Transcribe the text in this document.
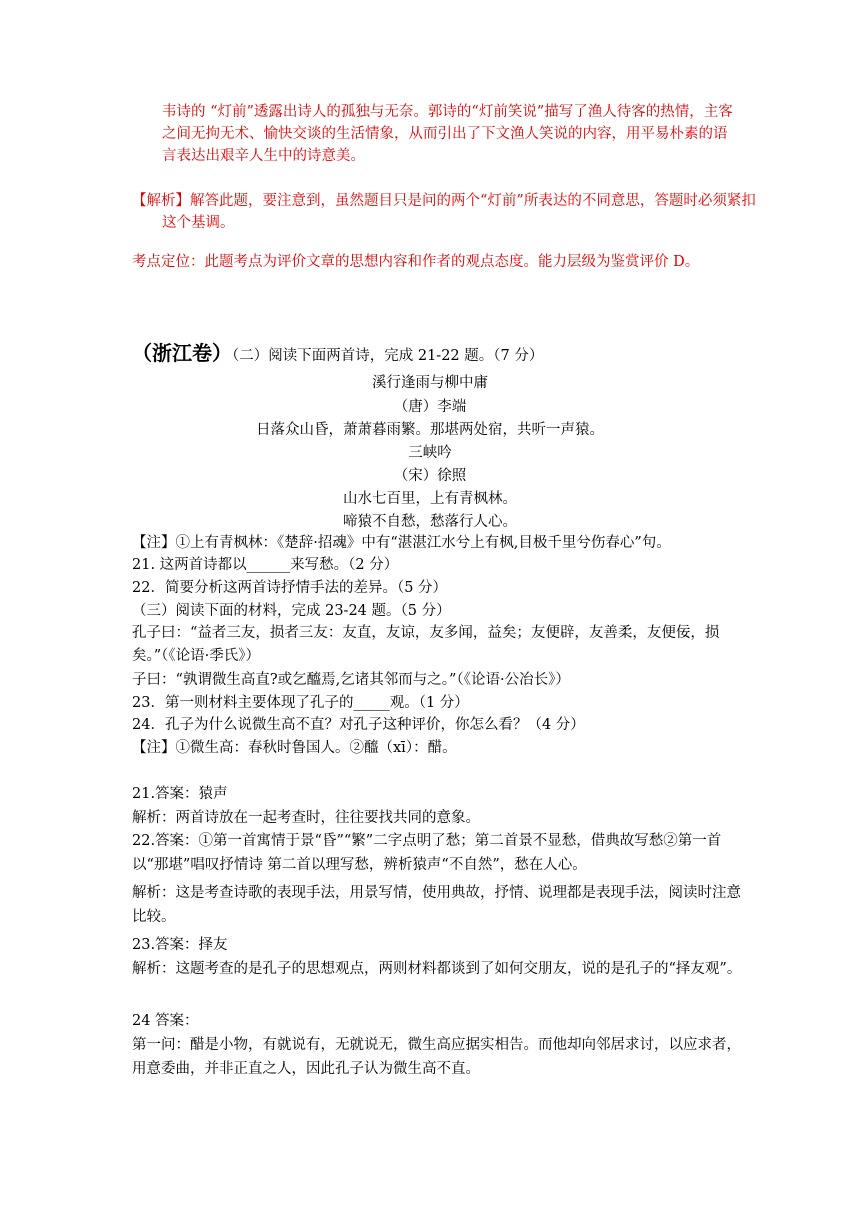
韦诗的 “灯前”透露出诗人的孤独与无奈。郭诗的“灯前笑说”描写了渔人待客的热情，主客之间无拘无术、愉快交谈的生活情象，从而引出了下文渔人笑说的内容，用平易朴素的语言表达出艰辛人生中的诗意美。

【解析】解答此题，要注意到，虽然题目只是问的两个“灯前”所表达的不同意思，答题时必须紧扣这个基调。

考点定位：此题考点为评价文章的思想内容和作者的观点态度。能力层级为鉴赏评价 D。
（浙江卷）（二）阅读下面两首诗，完成 21-22 题。（7 分）
溪行逢雨与柳中庸
（唐）李端
日落众山昏，萧萧暮雨繁。那堪两处宿，共听一声猿。
三峡吟
（宋）徐照
山水七百里，上有青枫林。
啼猿不自愁，愁落行人心。
【注】①上有青枫林：《楚辞·招魂》中有“湛湛江水兮上有枫,目极千里兮伤春心”句。
21. 这两首诗都以______来写愁。（2 分）
22．简要分析这两首诗抒情手法的差异。（5 分）
（三）阅读下面的材料，完成 23-24 题。（5 分）

孔子曰：“益者三友，损者三友：友直，友谅，友多闻，益矣；友便辟，友善柔，友便佞，损矣。”（《论语·季氏》）

子曰：“孰谓微生高直?或乞醯焉,乞诸其邻而与之。”（《论语·公冶长》）
23．第一则材料主要体现了孔子的_____观。（1 分）
24．孔子为什么说微生高不直？对孔子这种评价，你怎么看？（4 分）
【注】①微生高：春秋时鲁国人。②醯（xī）：醋。
21.答案：猿声
解析：两首诗放在一起考查时，往往要找共同的意象。

22.答案：①第一首寓情于景“昏”“繁”二字点明了愁；第二首景不显愁，借典故写愁②第一首以“那堪”唱叹抒情诗 第二首以理写愁，辨析猿声“不自然”，愁在人心。

解析：这是考查诗歌的表现手法，用景写情，使用典故，抒情、说理都是表现手法，阅读时注意比较。

23.答案：择友

解析：这题考查的是孔子的思想观点，两则材料都谈到了如何交朋友，说的是孔子的“择友观”。

24 答案：

第一问：醋是小物，有就说有，无就说无，微生高应据实相告。而他却向邻居求讨，以应求者，用意委曲，并非正直之人，因此孔子认为微生高不直。
